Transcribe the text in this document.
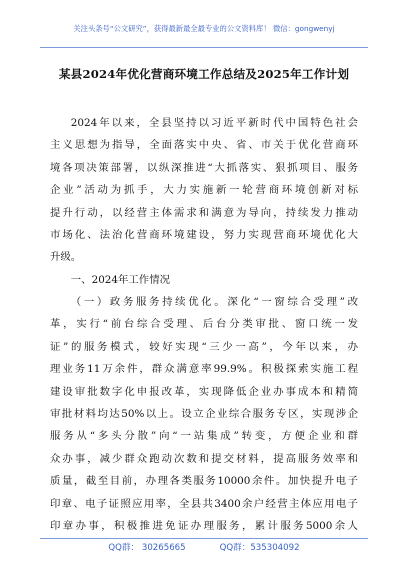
关注头条号“公文研究”，获得最新最全最专业的公文资料库！ 微信：gongwenyj
某县2024年优化营商环境工作总结及2025年工作计划
2024年以来，全县坚持以习近平新时代中国特色社会
主义思想为指导，全面落实中央、省、市关于优化营商环
境各项决策部署，以纵深推进“大抓落实、狠抓项目、服务
企业”活动为抓手，大力实施新一轮营商环境创新对标
提升行动，以经营主体需求和满意为导向，持续发力推动
市场化、法治化营商环境建设，努力实现营商环境优化大
升级。
一、2024年工作情况
（一）政务服务持续优化。深化“一窗综合受理”改
革，实行“前台综合受理、后台分类审批、窗口统一发
证”的服务模式，较好实现“三少一高”，今年以来，办
理业务11万余件，群众满意率99.9%。积极探索实施工程
建设审批数字化申报改革，实现降低企业办事成本和精简
审批材料均达50%以上。设立企业综合服务专区，实现涉企
服务从“多头分散”向“一站集成”转变，方便企业和群
众办事，减少群众跑动次数和提交材料，提高服务效率和
质量，截至目前，办理各类服务10000余件。加快提升电子
印章、电子证照应用率，全县共3400余户经营主体应用电子
印章办事，积极推进免证办理服务，累计服务5000余人
QQ群： 30265665	QQ群：535304092
